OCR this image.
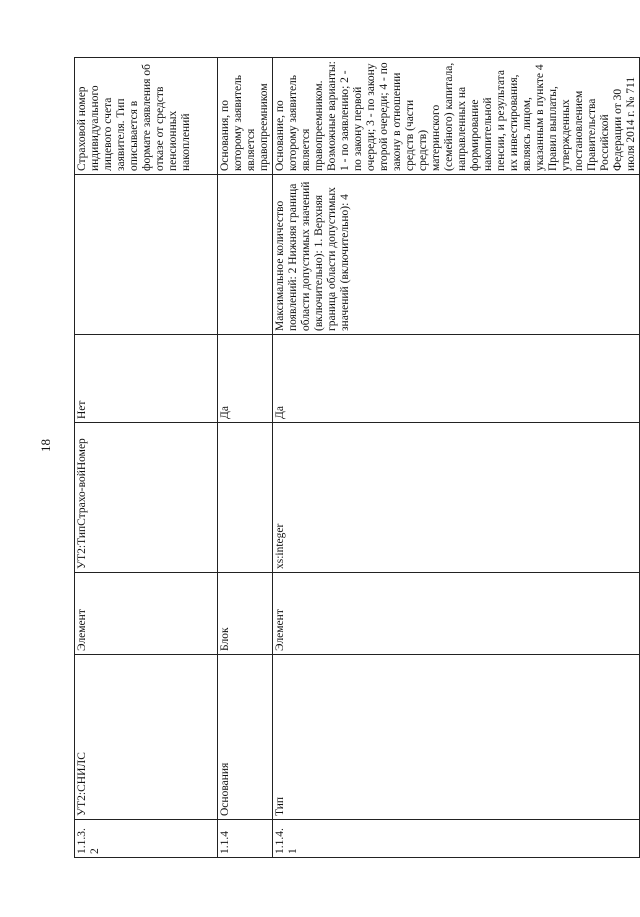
18
1.1.3.2	УТ2:СНИЛС	Элемент	УТ2:ТипСтрахо-войНомер	Нет		Страховой номер индивидуального лицевого счета заявителя. Тип описывается в формате заявления об отказе от средств пенсионных накоплений
1.1.4	Основания	Блок		Да		Основания, по которому заявитель является правопреемником
1.1.4.1	Тип	Элемент	xs:integer	Да	Максимальное количество появлений: 2 Нижняя граница области допустимых значений (включительно): 1. Верхняя граница области допустимых значений (включительно): 4	Основание, по которому заявитель является правопреемником. Возможные варианты: 1 - по заявлению; 2 - по закону первой очереди; 3 - по закону второй очереди; 4 - по закону в отношении средств (части средств) материнского (семейного) капитала, направленных на формирование накопительной пенсии, и результата их инвестирования, являясь лицом, указанным в пункте 4 Правил выплаты, утвержденных постановлением Правительства Российской Федерации от 30 июля 2014 г. № 711
